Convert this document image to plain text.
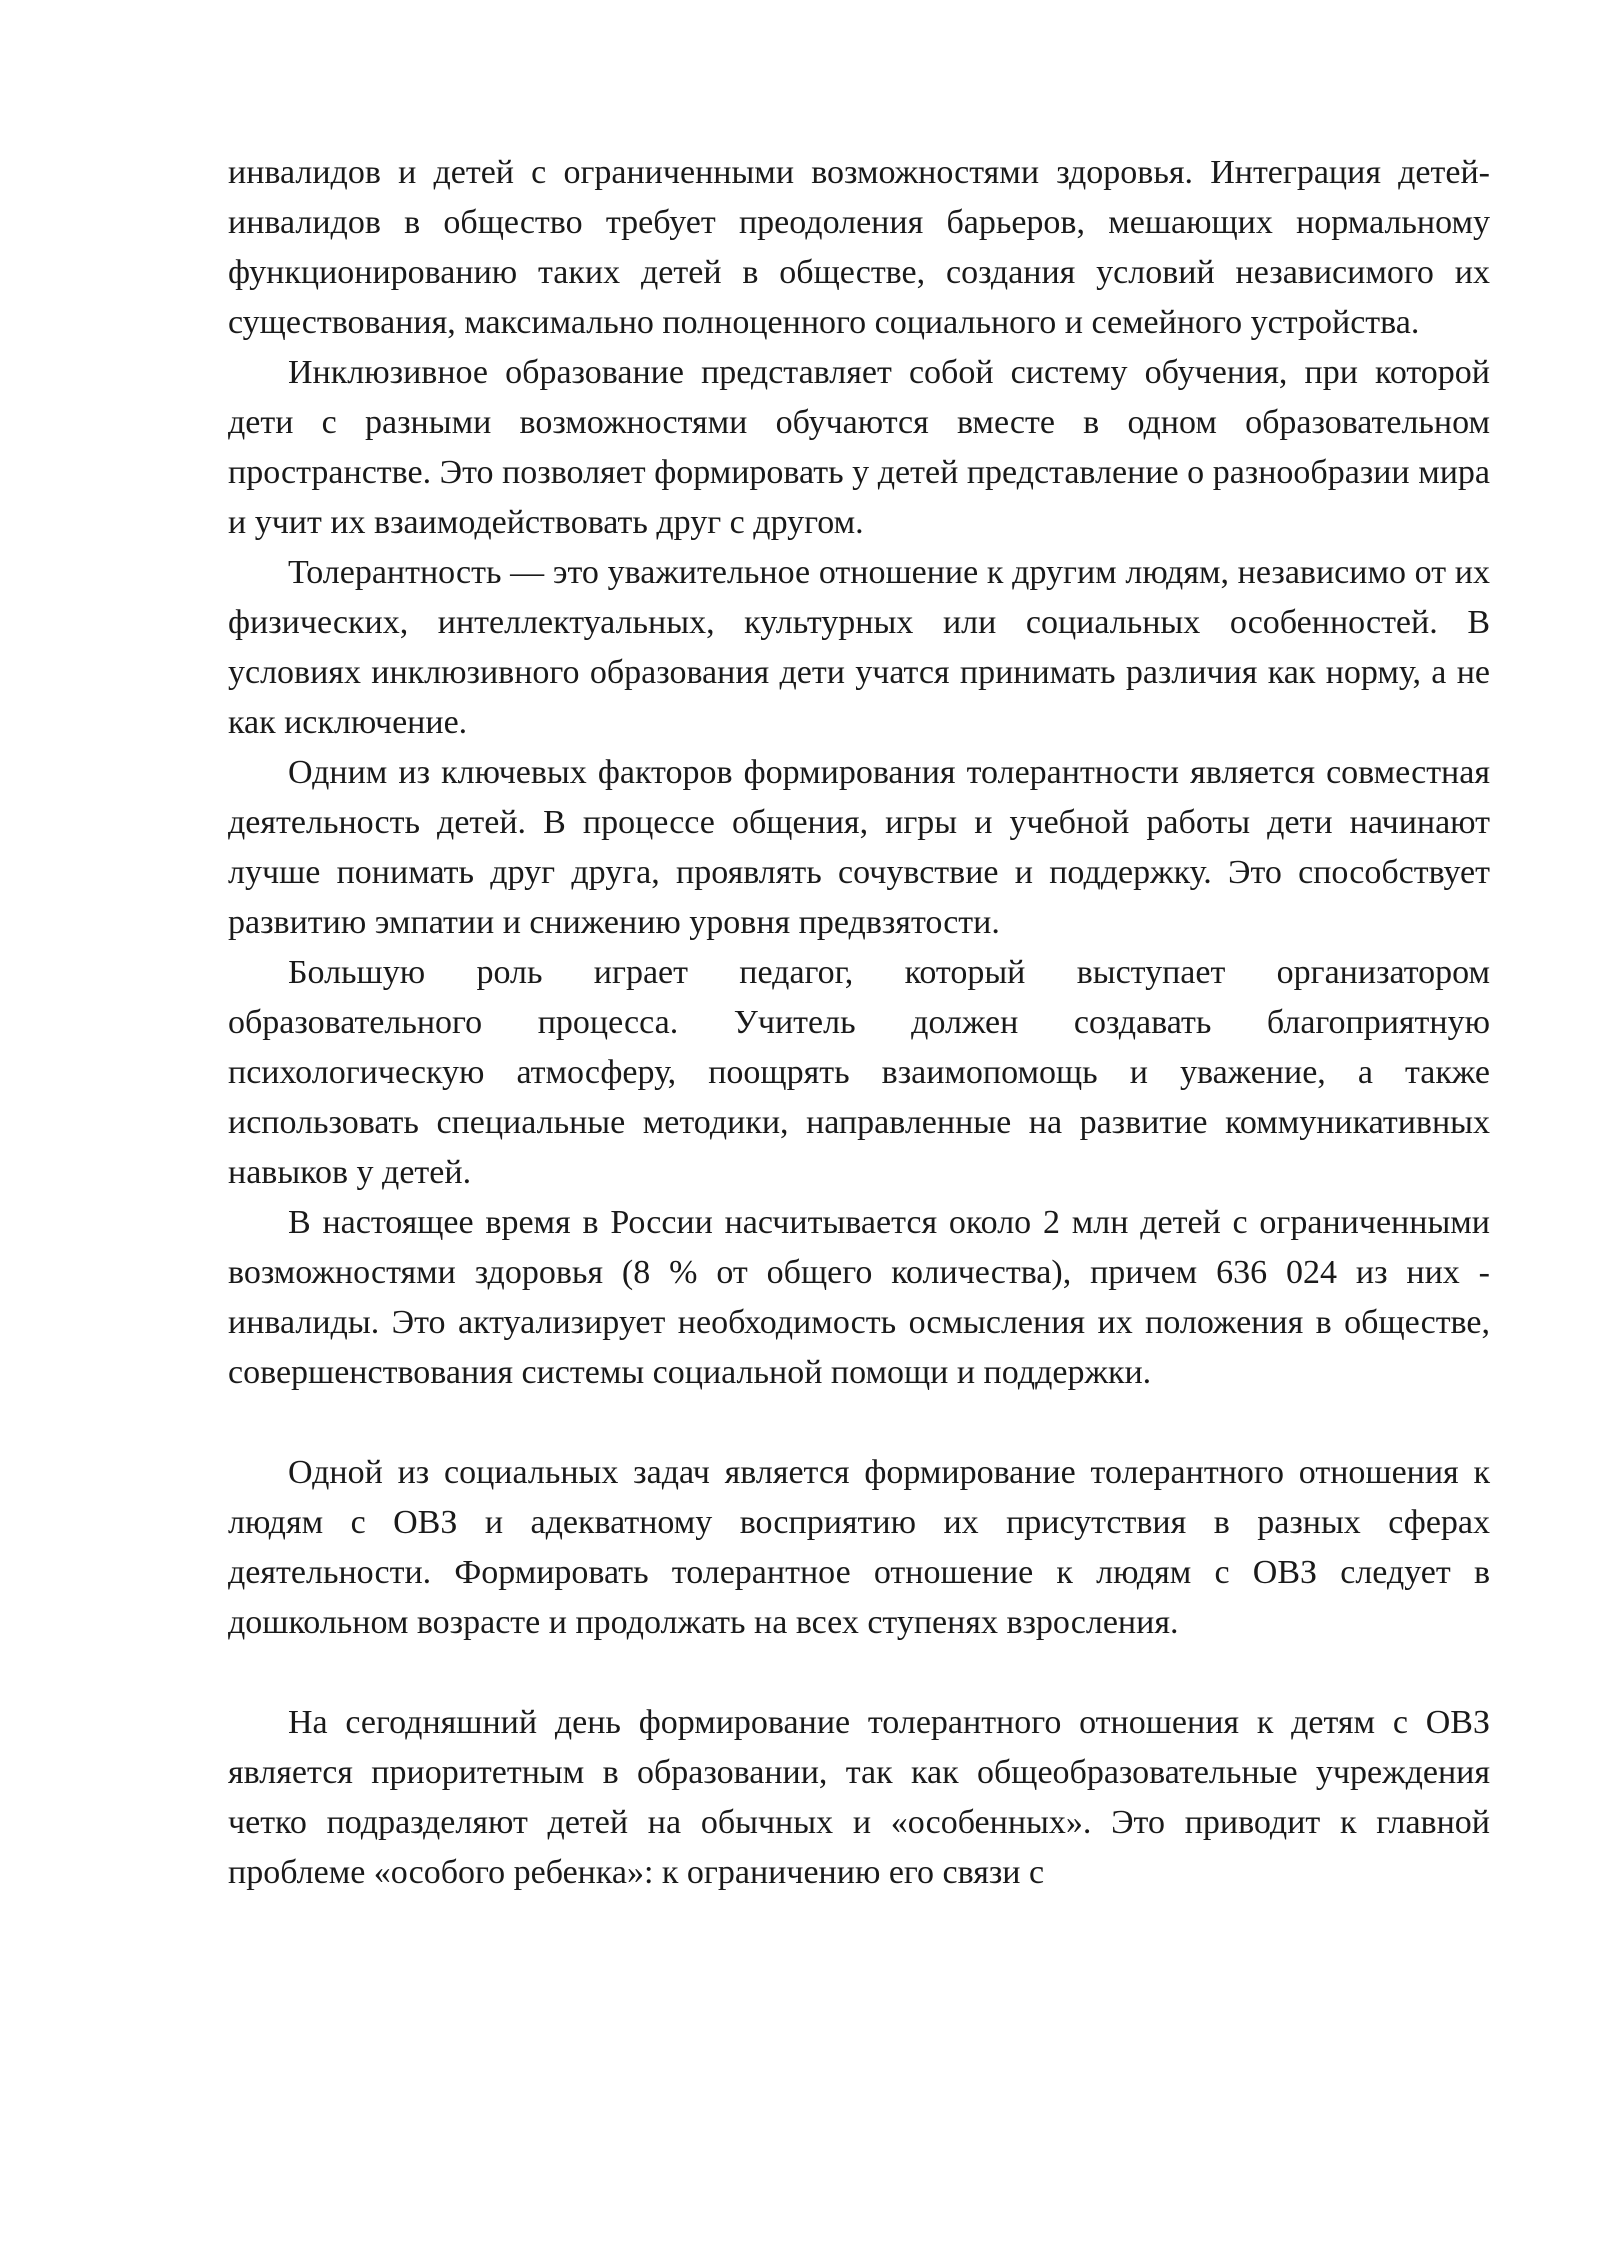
инвалидов и детей с ограниченными возможностями здоровья. Интеграция детей-инвалидов в общество требует преодоления барьеров, мешающих нормальному функционированию таких детей в обществе, создания условий независимого их существования, максимально полноценного социального и семейного устройства.

Инклюзивное образование представляет собой систему обучения, при которой дети с разными возможностями обучаются вместе в одном образовательном пространстве. Это позволяет формировать у детей представление о разнообразии мира и учит их взаимодействовать друг с другом.

Толерантность — это уважительное отношение к другим людям, независимо от их физических, интеллектуальных, культурных или социальных особенностей. В условиях инклюзивного образования дети учатся принимать различия как норму, а не как исключение.

Одним из ключевых факторов формирования толерантности является совместная деятельность детей. В процессе общения, игры и учебной работы дети начинают лучше понимать друг друга, проявлять сочувствие и поддержку. Это способствует развитию эмпатии и снижению уровня предвзятости.

Большую роль играет педагог, который выступает организатором образовательного процесса. Учитель должен создавать благоприятную психологическую атмосферу, поощрять взаимопомощь и уважение, а также использовать специальные методики, направленные на развитие коммуникативных навыков у детей.

В настоящее время в России насчитывается около 2 млн детей с ограниченными возможностями здоровья (8 % от общего количества), причем 636 024 из них - инвалиды. Это актуализирует необходимость осмысления их положения в обществе, совершенствования системы социальной помощи и поддержки.

Одной из социальных задач является формирование толерантного отношения к людям с ОВЗ и адекватному восприятию их присутствия в разных сферах деятельности. Формировать толерантное отношение к людям с ОВЗ следует в дошкольном возрасте и продолжать на всех ступенях взросления.

На сегодняшний день формирование толерантного отношения к детям с ОВЗ является приоритетным в образовании, так как общеобразовательные учреждения четко подразделяют детей на обычных и «особенных». Это приводит к главной проблеме «особого ребенка»: к ограничению его связи с
